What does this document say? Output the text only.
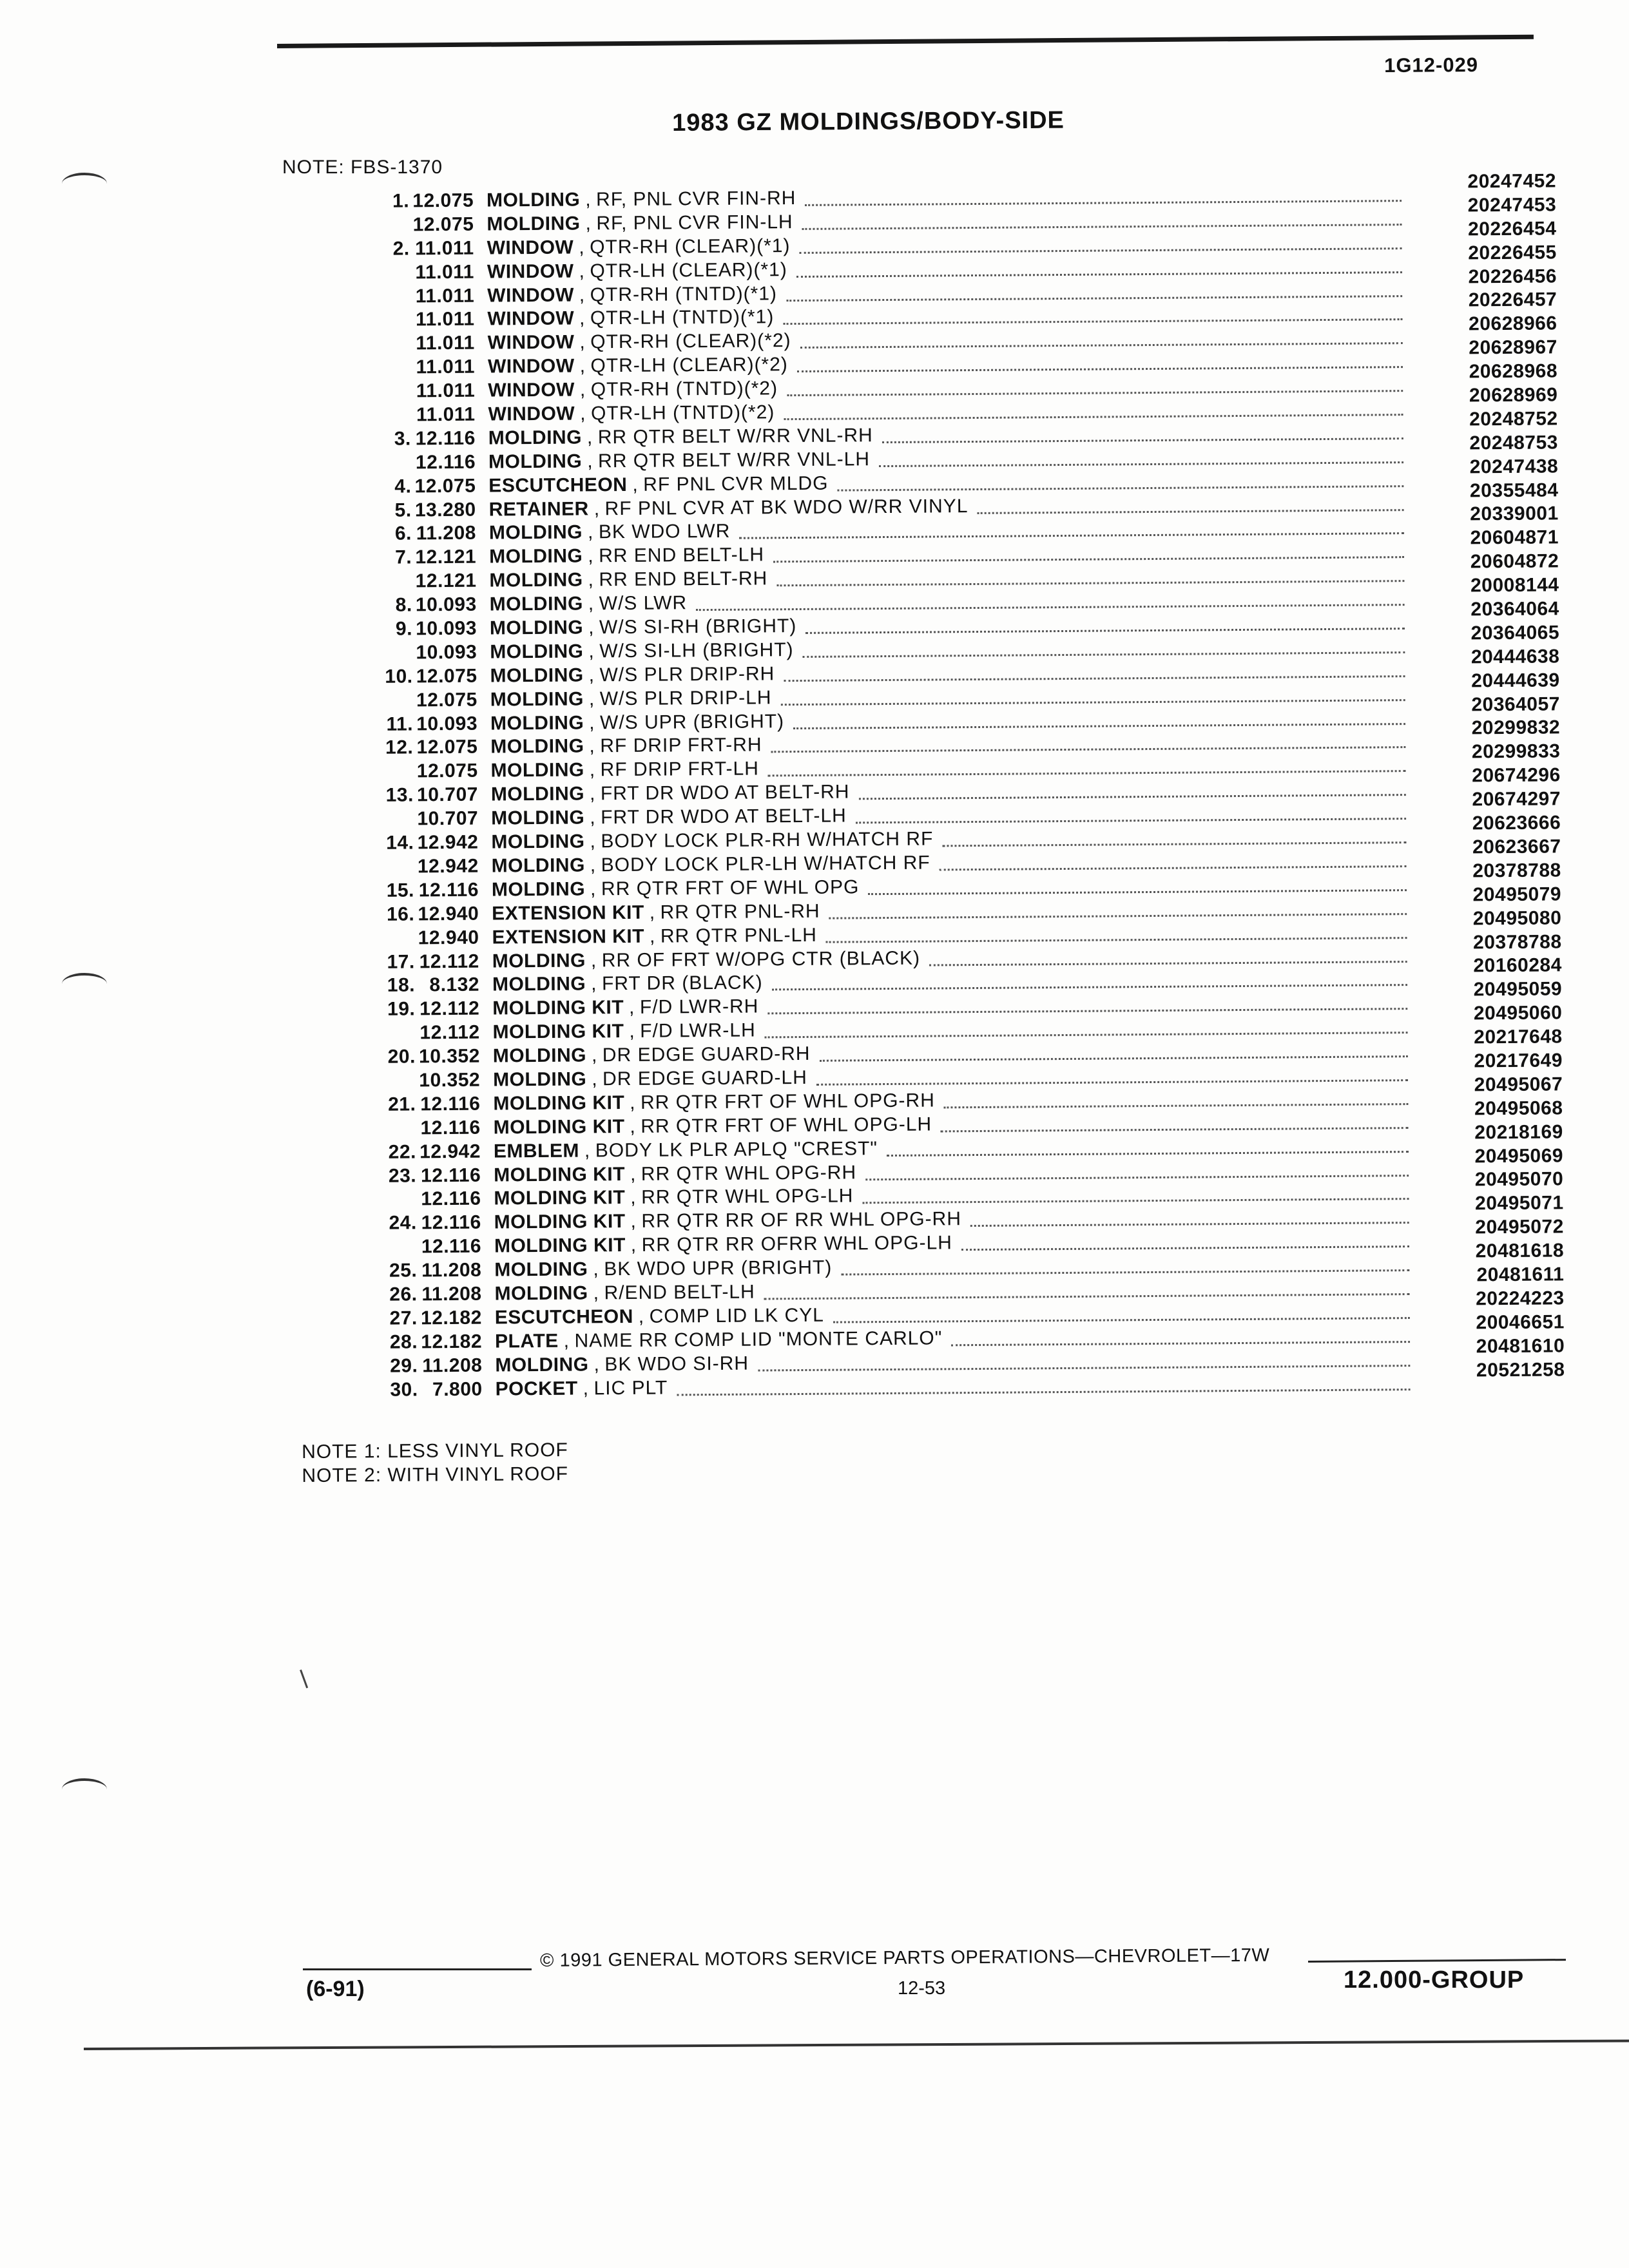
1G12-029
1983 GZ MOLDINGS/BODY-SIDE
NOTE: FBS-1370
1. 12.075 MOLDING , RF, PNL CVR FIN-RH
20247452
12.075 MOLDING , RF, PNL CVR FIN-LH
20247453
2. 11.011 WINDOW , QTR-RH (CLEAR)(*1)
20226454
11.011 WINDOW , QTR-LH (CLEAR)(*1)
20226455
11.011 WINDOW , QTR-RH (TNTD)(*1)
20226456
11.011 WINDOW , QTR-LH (TNTD)(*1)
20226457
11.011 WINDOW , QTR-RH (CLEAR)(*2)
20628966
11.011 WINDOW , QTR-LH (CLEAR)(*2)
20628967
11.011 WINDOW , QTR-RH (TNTD)(*2)
20628968
11.011 WINDOW , QTR-LH (TNTD)(*2)
20628969
3. 12.116 MOLDING , RR QTR BELT W/RR VNL-RH
20248752
12.116 MOLDING , RR QTR BELT W/RR VNL-LH
20248753
4. 12.075 ESCUTCHEON , RF PNL CVR MLDG
20247438
5. 13.280 RETAINER , RF PNL CVR AT BK WDO W/RR VINYL
20355484
6. 11.208 MOLDING , BK WDO LWR
20339001
7. 12.121 MOLDING , RR END BELT-LH
20604871
12.121 MOLDING , RR END BELT-RH
20604872
8. 10.093 MOLDING , W/S LWR
20008144
9. 10.093 MOLDING , W/S SI-RH (BRIGHT)
20364064
10.093 MOLDING , W/S SI-LH (BRIGHT)
20364065
10. 12.075 MOLDING , W/S PLR DRIP-RH
20444638
12.075 MOLDING , W/S PLR DRIP-LH
20444639
11. 10.093 MOLDING , W/S UPR (BRIGHT)
20364057
12. 12.075 MOLDING , RF DRIP FRT-RH
20299832
12.075 MOLDING , RF DRIP FRT-LH
20299833
13. 10.707 MOLDING , FRT DR WDO AT BELT-RH
20674296
10.707 MOLDING , FRT DR WDO AT BELT-LH
20674297
14. 12.942 MOLDING , BODY LOCK PLR-RH W/HATCH RF
20623666
12.942 MOLDING , BODY LOCK PLR-LH W/HATCH RF
20623667
15. 12.116 MOLDING , RR QTR FRT OF WHL OPG
20378788
16. 12.940 EXTENSION KIT , RR QTR PNL-RH
20495079
12.940 EXTENSION KIT , RR QTR PNL-LH
20495080
17. 12.112 MOLDING , RR OF FRT W/OPG CTR (BLACK)
20378788
18. 8.132 MOLDING , FRT DR (BLACK)
20160284
19. 12.112 MOLDING KIT , F/D LWR-RH
20495059
12.112 MOLDING KIT , F/D LWR-LH
20495060
20. 10.352 MOLDING , DR EDGE GUARD-RH
20217648
10.352 MOLDING , DR EDGE GUARD-LH
20217649
21. 12.116 MOLDING KIT , RR QTR FRT OF WHL OPG-RH
20495067
12.116 MOLDING KIT , RR QTR FRT OF WHL OPG-LH
20495068
22. 12.942 EMBLEM , BODY LK PLR APLQ "CREST"
20218169
23. 12.116 MOLDING KIT , RR QTR WHL OPG-RH
20495069
12.116 MOLDING KIT , RR QTR WHL OPG-LH
20495070
24. 12.116 MOLDING KIT , RR QTR RR OF RR WHL OPG-RH
20495071
12.116 MOLDING KIT , RR QTR RR OFRR WHL OPG-LH
20495072
25. 11.208 MOLDING , BK WDO UPR (BRIGHT)
20481618
26. 11.208 MOLDING , R/END BELT-LH
20481611
27. 12.182 ESCUTCHEON , COMP LID LK CYL
20224223
28. 12.182 PLATE , NAME RR COMP LID "MONTE CARLO"
20046651
29. 11.208 MOLDING , BK WDO SI-RH
20481610
30. 7.800 POCKET , LIC PLT
20521258
NOTE 1: LESS VINYL ROOF
NOTE 2: WITH VINYL ROOF
© 1991 GENERAL MOTORS SERVICE PARTS OPERATIONS—CHEVROLET—17W
(6-91)	12-53	12.000-GROUP
